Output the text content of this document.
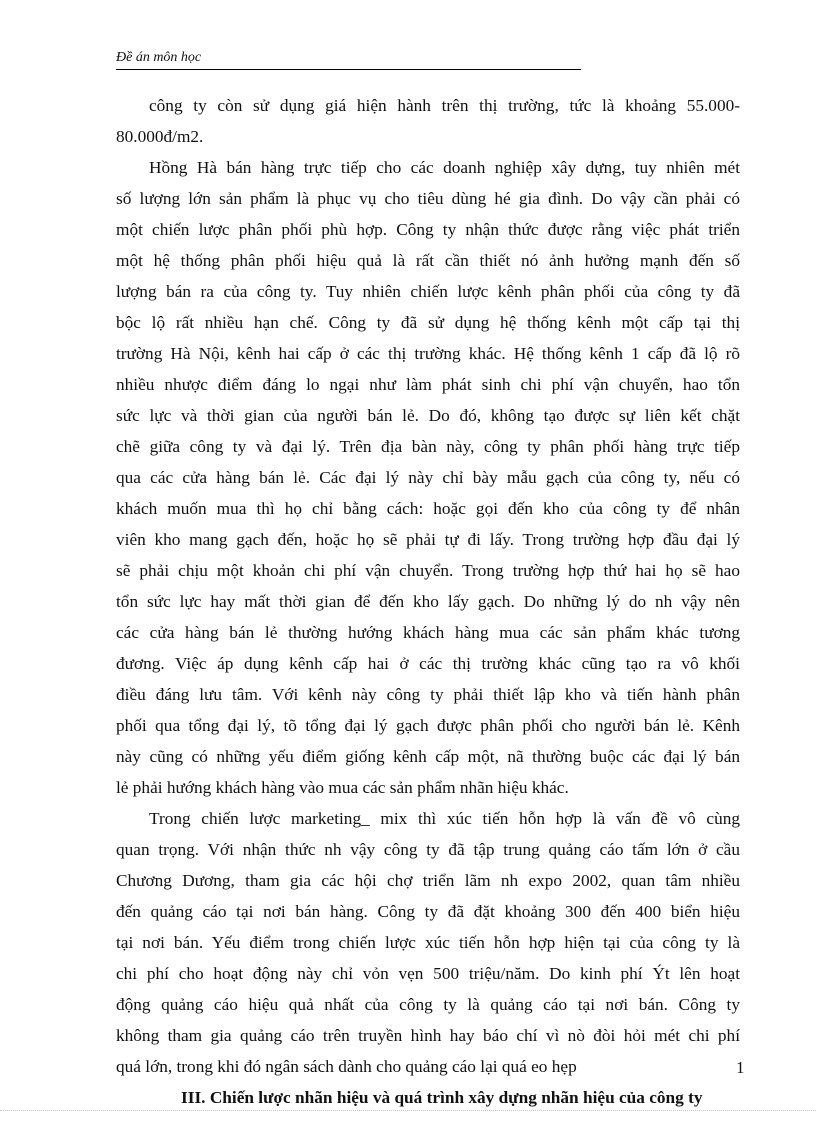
Đề án môn học
công ty còn sử dụng giá hiện hành trên thị trường, tức là khoảng 55.000-
80.000đ/m2.
Hồng Hà bán hàng trực tiếp cho các doanh nghiệp xây dựng, tuy nhiên mét
số lượng lớn sản phẩm là phục vụ cho tiêu dùng hé gia đình. Do vậy cần phải có
một chiến lược phân phối phù hợp. Công ty nhận thức được rằng việc phát triển
một hệ thống phân phối hiệu quả là rất cần thiết nó ảnh hưởng mạnh đến số
lượng bán ra của công ty. Tuy nhiên chiến lược kênh phân phối của công ty đã
bộc lộ rất nhiều hạn chế. Công ty đã sử dụng hệ thống kênh một cấp tại thị
trường Hà Nội, kênh hai cấp ở các thị trường khác. Hệ thống kênh 1 cấp đã lộ rõ
nhiều nhược điểm đáng lo ngại như làm phát sinh chi phí vận chuyển, hao tổn
sức lực và thời gian của người bán lẻ. Do đó, không tạo được sự liên kết chặt
chẽ giữa công ty và đại lý. Trên địa bàn này, công ty phân phối hàng trực tiếp
qua các cửa hàng bán lẻ. Các đại lý này chỉ bày mẫu gạch của công ty, nếu có
khách muốn mua thì họ chỉ bằng cách: hoặc gọi đến kho của công ty để nhân
viên kho mang gạch đến, hoặc họ sẽ phải tự đi lấy. Trong trường hợp đầu đại lý
sẽ phải chịu một khoản chi phí vận chuyển. Trong trường hợp thứ hai họ sẽ hao
tổn sức lực hay mất thời gian để đến kho lấy gạch. Do những lý do nh vậy nên
các cửa hàng bán lẻ thường hướng khách hàng mua các sản phẩm khác tương
đương. Việc áp dụng kênh cấp hai ở các thị trường khác cũng tạo ra vô khối
điều đáng lưu tâm. Với kênh này công ty phải thiết lập kho và tiến hành phân
phối qua tổng đại lý, tõ tổng đại lý gạch được phân phối cho người bán lẻ. Kênh
này cũng có những yếu điểm giống kênh cấp một, nã thường buộc các đại lý bán
lẻ phải hướng khách hàng vào mua các sản phẩm nhãn hiệu khác.
Trong chiến lược marketing_ mix thì xúc tiến hỗn hợp là vấn đề vô cùng
quan trọng. Với nhận thức nh vậy công ty đã tập trung quảng cáo tấm lớn ở cầu
Chương Dương, tham gia các hội chợ triển lãm nh expo 2002, quan tâm nhiều
đến quảng cáo tại nơi bán hàng. Công ty đã đặt khoảng 300 đến 400 biển hiệu
tại nơi bán. Yếu điểm trong chiến lược xúc tiến hỗn hợp hiện tại của công ty là
chi phí cho hoạt động này chỉ vỏn vẹn 500 triệu/năm. Do kinh phí Ýt lên hoạt
động quảng cáo hiệu quả nhất của công ty là quảng cáo tại nơi bán. Công ty
không tham gia quảng cáo trên truyền hình hay báo chí vì nò đòi hỏi mét chi phí
quá lớn, trong khi đó ngân sách dành cho quảng cáo lại quá eo hẹp
III. Chiến lược nhãn hiệu và quá trình xây dựng nhãn hiệu của công ty
1
